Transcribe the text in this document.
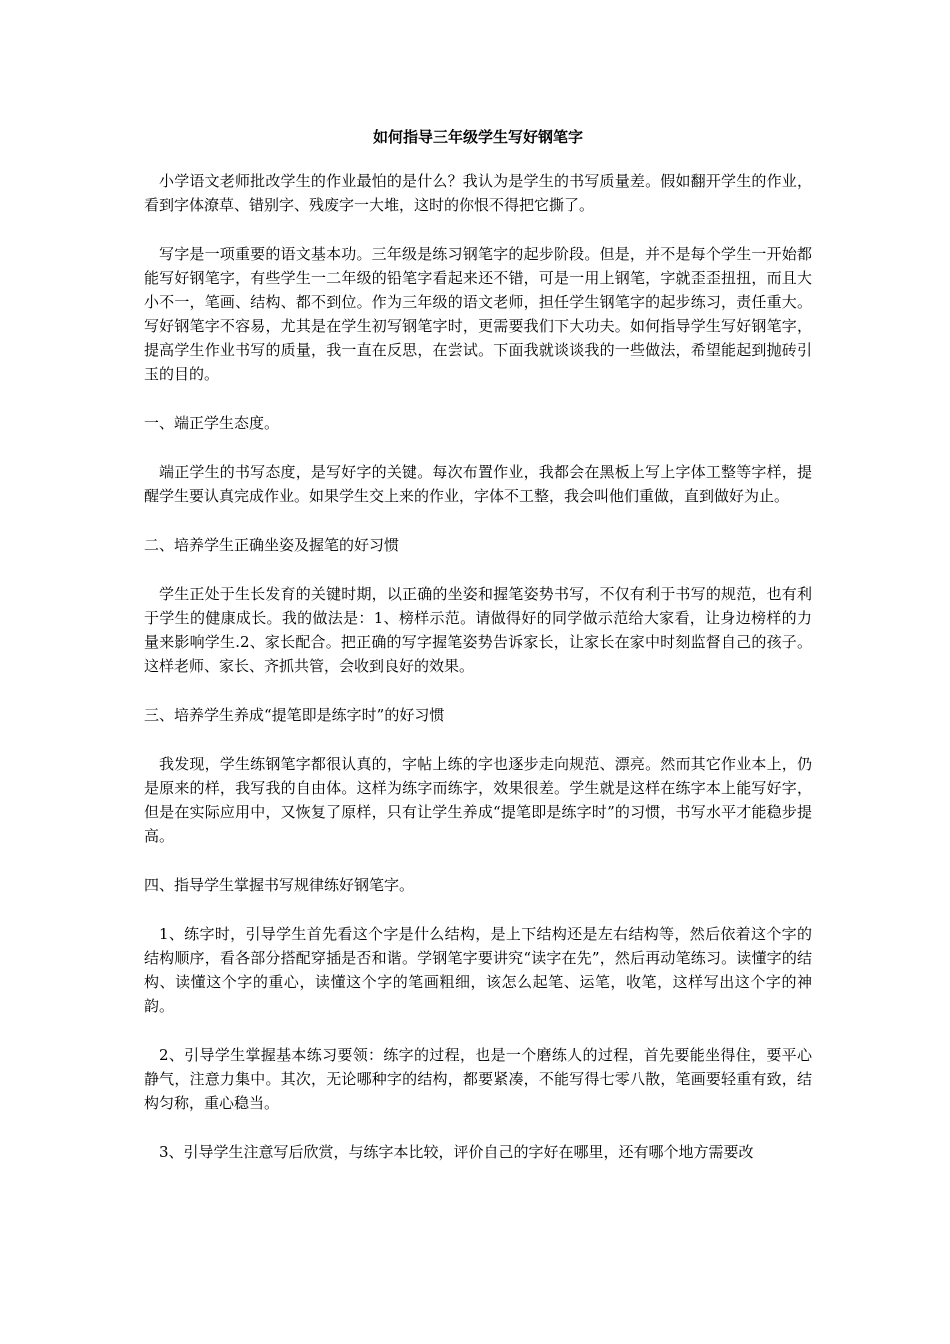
如何指导三年级学生写好钢笔字

小学语文老师批改学生的作业最怕的是什么？我认为是学生的书写质量差。假如翻开学生的作业，看到字体潦草、错别字、残废字一大堆，这时的你恨不得把它撕了。

写字是一项重要的语文基本功。三年级是练习钢笔字的起步阶段。但是，并不是每个学生一开始都能写好钢笔字，有些学生一二年级的铅笔字看起来还不错，可是一用上钢笔，字就歪歪扭扭，而且大小不一，笔画、结构、都不到位。作为三年级的语文老师，担任学生钢笔字的起步练习，责任重大。写好钢笔字不容易，尤其是在学生初写钢笔字时，更需要我们下大功夫。如何指导学生写好钢笔字，提高学生作业书写的质量，我一直在反思，在尝试。下面我就谈谈我的一些做法，希望能起到抛砖引玉的目的。

一、端正学生态度。

端正学生的书写态度，是写好字的关键。每次布置作业，我都会在黑板上写上字体工整等字样，提醒学生要认真完成作业。如果学生交上来的作业，字体不工整，我会叫他们重做，直到做好为止。

二、培养学生正确坐姿及握笔的好习惯

学生正处于生长发育的关键时期，以正确的坐姿和握笔姿势书写，不仅有利于书写的规范，也有利于学生的健康成长。我的做法是：1、榜样示范。请做得好的同学做示范给大家看，让身边榜样的力量来影响学生.2、家长配合。把正确的写字握笔姿势告诉家长，让家长在家中时刻监督自己的孩子。这样老师、家长、齐抓共管，会收到良好的效果。

三、培养学生养成“提笔即是练字时”的好习惯

我发现，学生练钢笔字都很认真的，字帖上练的字也逐步走向规范、漂亮。然而其它作业本上，仍是原来的样，我写我的自由体。这样为练字而练字，效果很差。学生就是这样在练字本上能写好字，但是在实际应用中，又恢复了原样，只有让学生养成“提笔即是练字时”的习惯，书写水平才能稳步提高。

四、指导学生掌握书写规律练好钢笔字。

1、练字时，引导学生首先看这个字是什么结构，是上下结构还是左右结构等，然后依着这个字的结构顺序，看各部分搭配穿插是否和谐。学钢笔字要讲究“读字在先”，然后再动笔练习。读懂字的结构、读懂这个字的重心，读懂这个字的笔画粗细，该怎么起笔、运笔，收笔，这样写出这个字的神韵。

2、引导学生掌握基本练习要领：练字的过程，也是一个磨练人的过程，首先要能坐得住，要平心静气，注意力集中。其次，无论哪种字的结构，都要紧凑，不能写得七零八散，笔画要轻重有致，结构匀称，重心稳当。

3、引导学生注意写后欣赏，与练字本比较，评价自己的字好在哪里，还有哪个地方需要改
